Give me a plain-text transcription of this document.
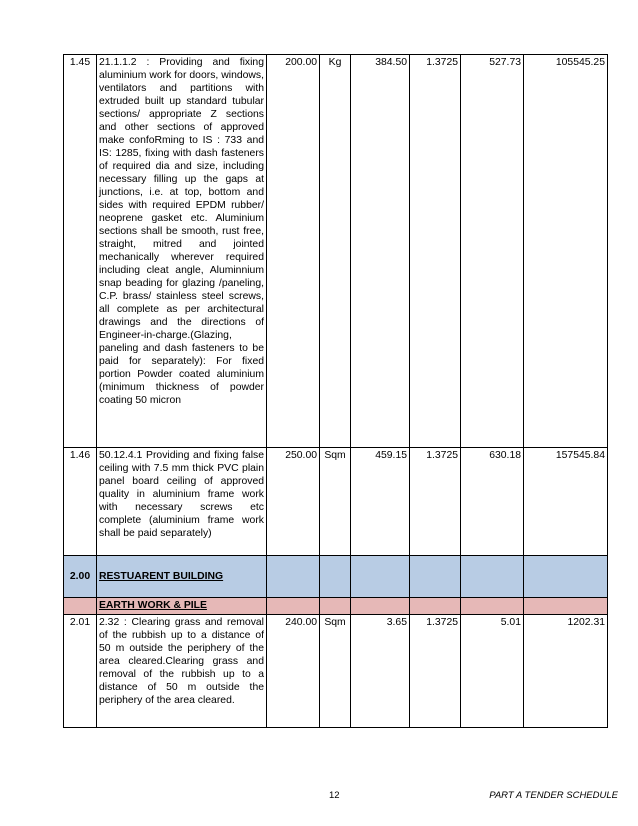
1.45	21.1.1.2 : Providing and fixing aluminium work for doors, windows, ventilators and partitions with extruded built up standard tubular sections/ appropriate Z sections and other sections of approved make confoRming to IS : 733 and IS: 1285, fixing with dash fasteners of required dia and size, including necessary filling up the gaps at junctions, i.e. at top, bottom and sides with required EPDM rubber/ neoprene gasket etc. Aluminium sections shall be smooth, rust free, straight, mitred and jointed mechanically wherever required including cleat angle, Aluminnium snap beading for glazing /paneling, C.P. brass/ stainless steel screws, all complete as per architectural drawings and the directions of Engineer-in-charge.(Glazing, paneling and dash fasteners to be paid for separately): For fixed portion Powder coated aluminium (minimum thickness of powder coating 50 micron	200.00	Kg	384.50	1.3725	527.73	105545.25
1.46	50.12.4.1 Providing and fixing false ceiling with 7.5 mm thick PVC plain panel board ceiling of approved quality in aluminium frame work with necessary screws etc complete (aluminium frame work shall be paid separately)	250.00	Sqm	459.15	1.3725	630.18	157545.84
2.00	RESTUARENT BUILDING						
	EARTH WORK & PILE						
2.01	2.32 : Clearing grass and removal of the rubbish up to a distance of 50 m outside the periphery of the area cleared.Clearing grass and removal of the rubbish up to a distance of 50 m outside the periphery of the area cleared.	240.00	Sqm	3.65	1.3725	5.01	1202.31
12	PART A TENDER SCHEDULE
